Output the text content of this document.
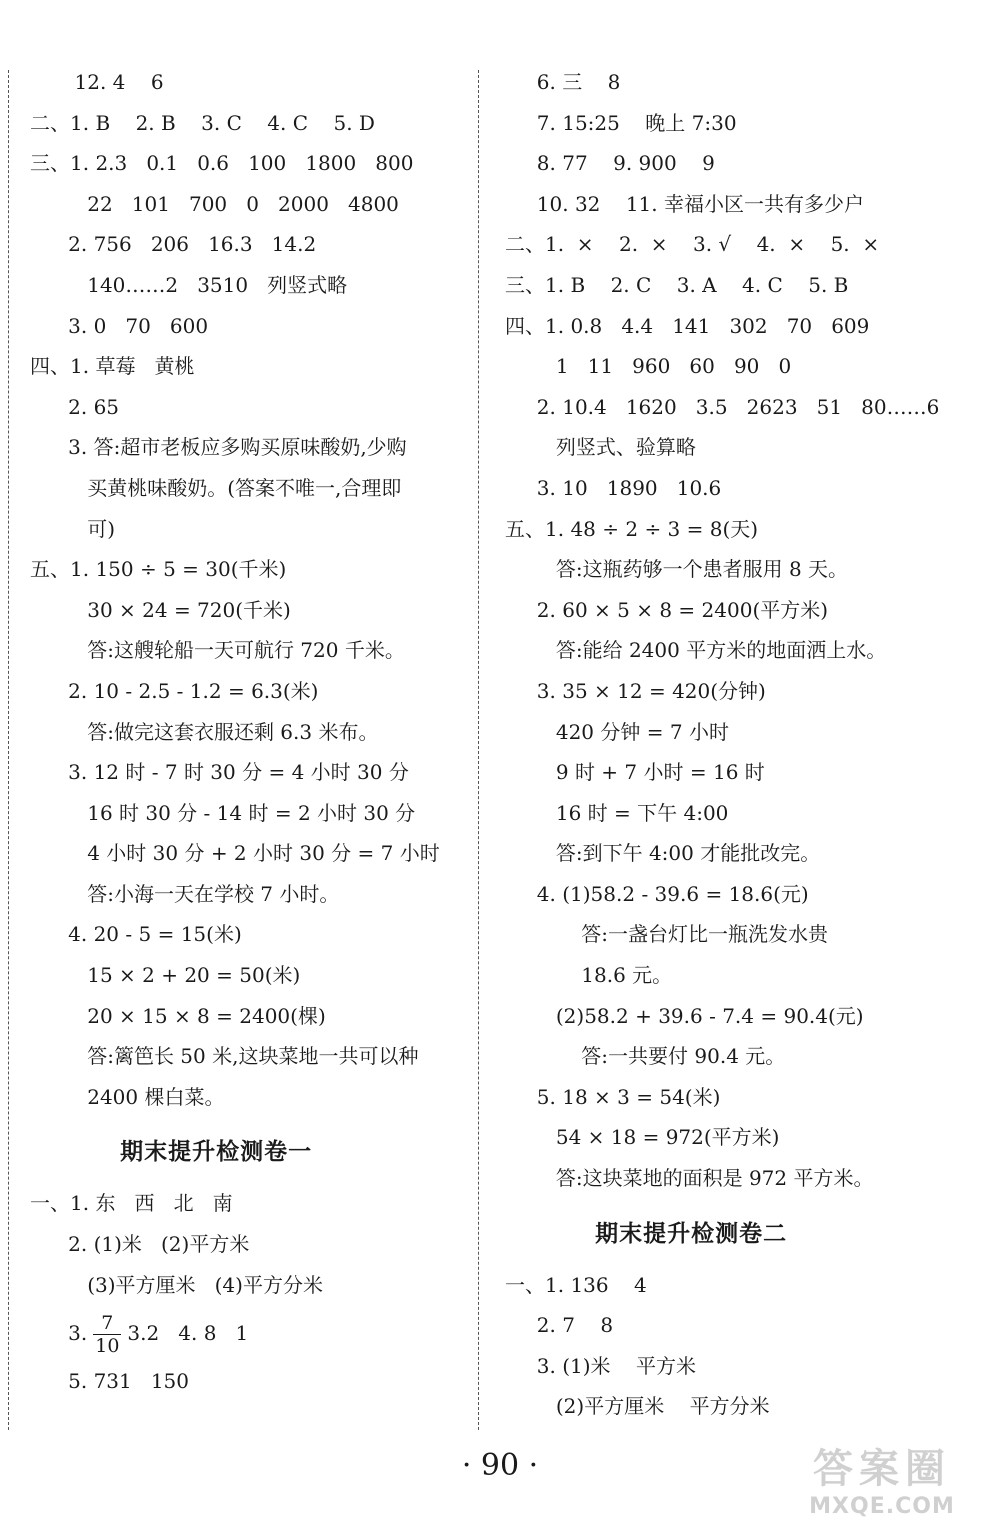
12. 4    6
二、1. B    2. B    3. C    4. C    5. D
三、1. 2.3   0.1   0.6   100   1800   800
22   101   700   0   2000   4800
2. 756   206   16.3   14.2
140……2   3510   列竖式略
3. 0   70   600
四、1. 草莓   黄桃
2. 65
3. 答:超市老板应多购买原味酸奶,少购
买黄桃味酸奶。(答案不唯一,合理即
可)
五、1. 150 ÷ 5 = 30(千米)
30 × 24 = 720(千米)
答:这艘轮船一天可航行 720 千米。
2. 10 - 2.5 - 1.2 = 6.3(米)
答:做完这套衣服还剩 6.3 米布。
3. 12 时 - 7 时 30 分 = 4 小时 30 分
16 时 30 分 - 14 时 = 2 小时 30 分
4 小时 30 分 + 2 小时 30 分 = 7 小时
答:小海一天在学校 7 小时。
4. 20 - 5 = 15(米)
15 × 2 + 20 = 50(米)
20 × 15 × 8 = 2400(棵)
答:篱笆长 50 米,这块菜地一共可以种
2400 棵白菜。
期末提升检测卷一
一、1. 东   西   北   南
2. (1)米   (2)平方米
(3)平方厘米   (4)平方分米
3. $\frac{7}{10} 3.2$   4. 8   1
5. 731   150
6. 三    8
7. 15:25    晚上 7:30
8. 77    9. 900    9
10. 32    11. 幸福小区一共有多少户
二、1.  ×    2.  ×    3. √    4.  ×    5.  ×
三、1. B    2. C    3. A    4. C    5. B
四、1. 0.8   4.4   141   302   70   609
1   11   960   60   90   0
2. 10.4   1620   3.5   2623   51   80……6
列竖式、验算略
3. 10   1890   10.6
五、1. 48 ÷ 2 ÷ 3 = 8(天)
答:这瓶药够一个患者服用 8 天。
2. 60 × 5 × 8 = 2400(平方米)
答:能给 2400 平方米的地面洒上水。
3. 35 × 12 = 420(分钟)
420 分钟 = 7 小时
9 时 + 7 小时 = 16 时
16 时 = 下午 4:00
答:到下午 4:00 才能批改完。
4. (1)58.2 - 39.6 = 18.6(元)
答:一盏台灯比一瓶洗发水贵
18.6 元。
(2)58.2 + 39.6 - 7.4 = 90.4(元)
答:一共要付 90.4 元。
5. 18 × 3 = 54(米)
54 × 18 = 972(平方米)
答:这块菜地的面积是 972 平方米。
期末提升检测卷二
一、1. 136    4
2. 7    8
3. (1)米    平方米
(2)平方厘米    平方分米
· 90 ·	答案圈
MXQE.COM
